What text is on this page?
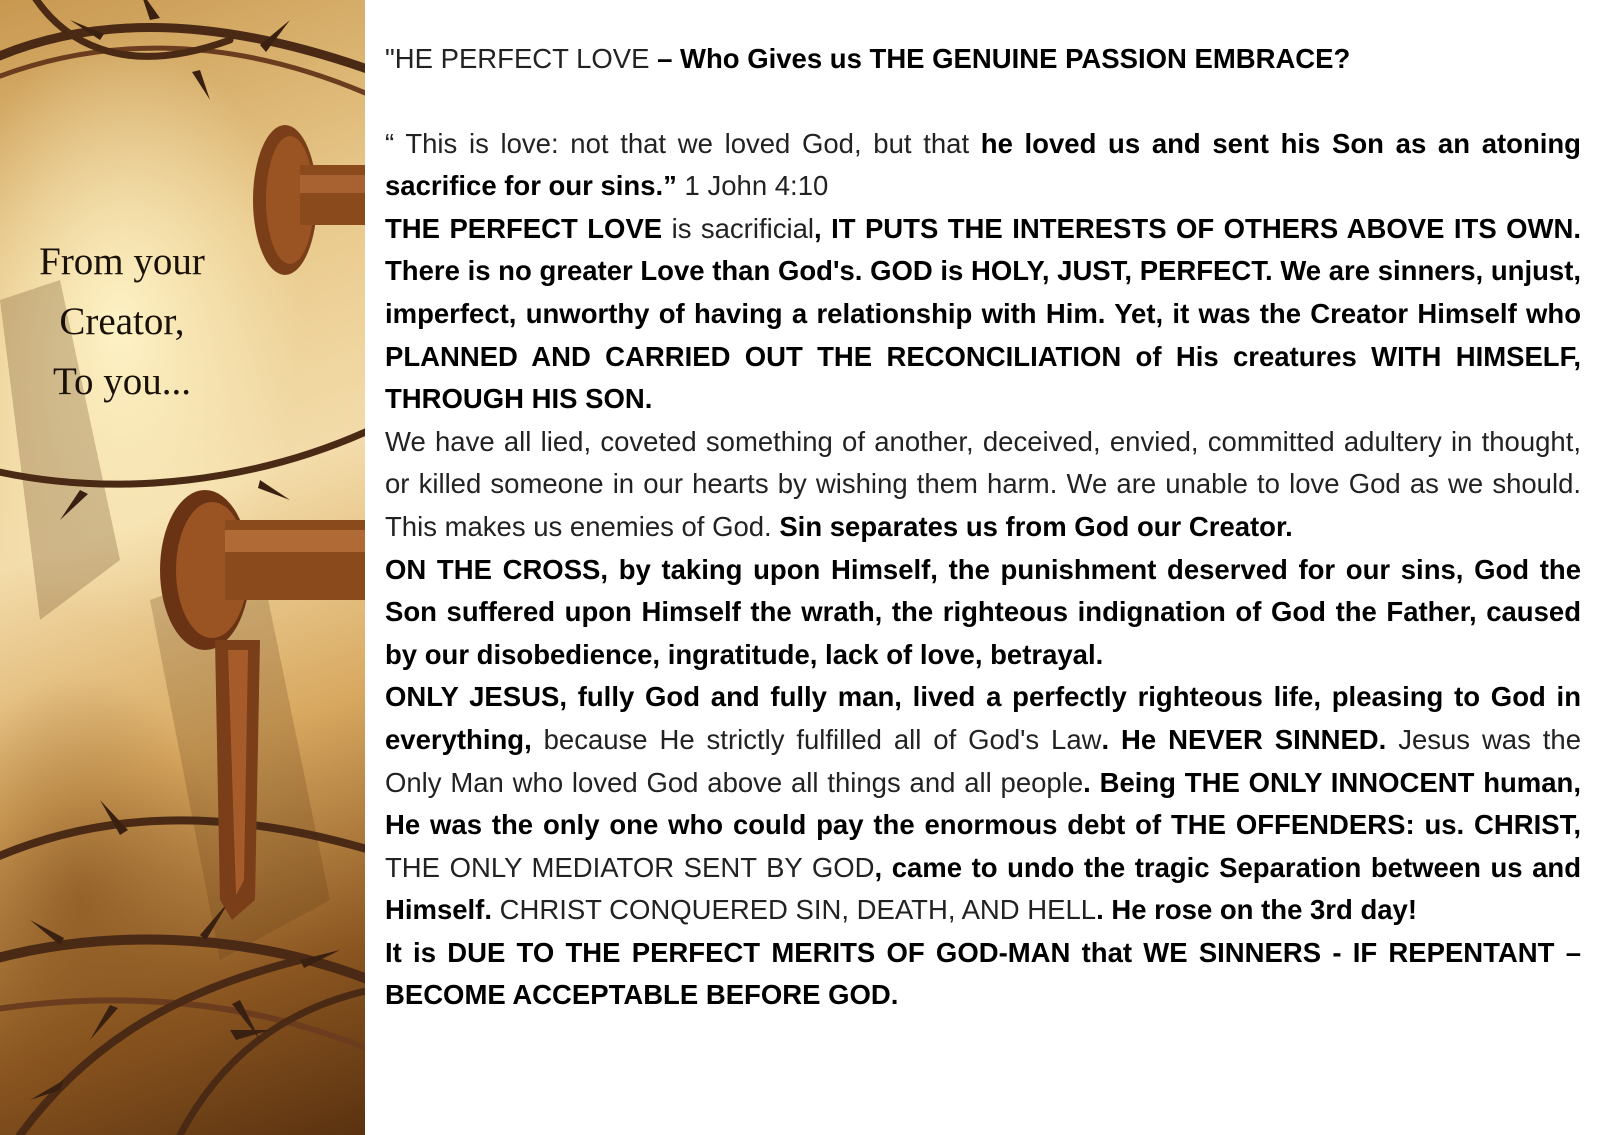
From your
Creator,
To you...

"HE PERFECT LOVE – Who Gives us THE GENUINE PASSION EMBRACE?

“ This is love: not that we loved God, but that he loved us and sent his Son as an atoning sacrifice for our sins.” 1 John 4:10

THE PERFECT LOVE is sacrificial, IT PUTS THE INTERESTS OF OTHERS ABOVE ITS OWN. There is no greater Love than God's. GOD is HOLY, JUST, PERFECT. We are sinners, unjust, imperfect, unworthy of having a relationship with Him. Yet, it was the Creator Himself who PLANNED AND CARRIED OUT THE RECONCILIATION of His creatures WITH HIMSELF, THROUGH HIS SON.

We have all lied, coveted something of another, deceived, envied, committed adultery in thought, or killed someone in our hearts by wishing them harm. We are unable to love God as we should. This makes us enemies of God. Sin separates us from God our Creator.

ON THE CROSS, by taking upon Himself, the punishment deserved for our sins, God the Son suffered upon Himself the wrath, the righteous indignation of God the Father, caused by our disobedience, ingratitude, lack of love, betrayal.

ONLY JESUS, fully God and fully man, lived a perfectly righteous life, pleasing to God in everything, because He strictly fulfilled all of God's Law. He NEVER SINNED. Jesus was the Only Man who loved God above all things and all people. Being THE ONLY INNOCENT human, He was the only one who could pay the enormous debt of THE OFFENDERS: us. CHRIST, THE ONLY MEDIATOR SENT BY GOD, came to undo the tragic Separation between us and Himself. CHRIST CONQUERED SIN, DEATH, AND HELL. He rose on the 3rd day!

It is DUE TO THE PERFECT MERITS OF GOD-MAN that WE SINNERS - IF REPENTANT – BECOME ACCEPTABLE BEFORE GOD.
